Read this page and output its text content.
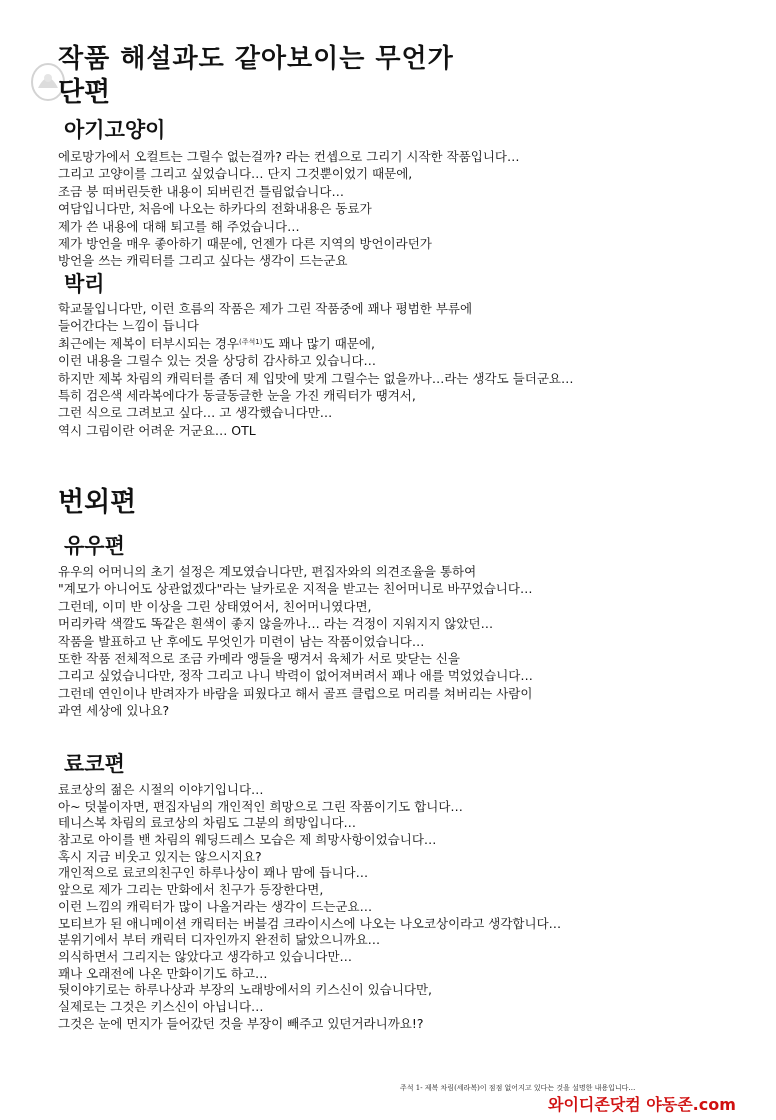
작품 해설과도 같아보이는 무언가
단편
아기고양이
에로망가에서 오컬트는 그릴수 없는걸까? 라는 컨셉으로 그리기 시작한 작품입니다…
그리고 고양이를 그리고 싶었습니다… 단지 그것뿐이었기 때문에,
조금 붕 떠버린듯한 내용이 되버린건 틀림없습니다…
여담입니다만, 처음에 나오는 하카다의 전화내용은 동료가
제가 쓴 내용에 대해 퇴고를 해 주었습니다…
제가 방언을 매우 좋아하기 때문에, 언젠가 다른 지역의 방언이라던가
방언을 쓰는 캐릭터를 그리고 싶다는 생각이 드는군요
박리
학교물입니다만, 이런 흐름의 작품은 제가 그린 작품중에 꽤나 평범한 부류에
들어간다는 느낌이 듭니다
최근에는 제복이 터부시되는 경우$^{(주석1)}$도 꽤나 많기 때문에,
이런 내용을 그릴수 있는 것을 상당히 감사하고 있습니다…
하지만 제복 차림의 캐릭터를 좀더 제 입맛에 맞게 그릴수는 없을까나…라는 생각도 들더군요…
특히 검은색 세라복에다가 동글동글한 눈을 가진 캐릭터가 땡겨서,
그런 식으로 그려보고 싶다… 고 생각했습니다만…
역시 그림이란 어려운 거군요… OTL
번외편
유우편
유우의 어머니의 초기 설정은 계모였습니다만, 편집자와의 의견조율을 통하여
"계모가 아니어도 상관없겠다"라는 날카로운 지적을 받고는 친어머니로 바꾸었습니다…
그런데, 이미 반 이상을 그린 상태였어서, 친어머니였다면,
머리카락 색깔도 똑같은 흰색이 좋지 않을까나… 라는 걱정이 지워지지 않았던…
작품을 발표하고 난 후에도 무엇인가 미련이 남는 작품이었습니다…
또한 작품 전체적으로 조금 카메라 앵들을 땡겨서 육체가 서로 맞닫는 신을
그리고 싶었습니다만, 정작 그리고 나니 박력이 없어져버려서 꽤나 애를 먹었었습니다…
그런데 연인이나 반려자가 바람을 피웠다고 해서 골프 클럽으로 머리를 쳐버리는 사람이
과연 세상에 있나요?
료코편
료코상의 젊은 시절의 이야기입니다…
아~ 덧붙이자면, 편집자님의 개인적인 희망으로 그린 작품이기도 합니다…
테니스복 차림의 료코상의 차림도 그분의 희망입니다…
참고로 아이를 밴 차림의 웨딩드레스 모습은 제 희망사항이었습니다…
혹시 지금 비웃고 있지는 않으시지요?
개인적으로 료코의친구인 하루나상이 꽤나 맘에 듭니다…
앞으로 제가 그리는 만화에서 친구가 등장한다면,
이런 느낌의 캐릭터가 많이 나올거라는 생각이 드는군요…
모티브가 된 애니메이션 캐릭터는 버블검 크라이시스에 나오는 나오코상이라고 생각합니다…
분위기에서 부터 캐릭터 디자인까지 완전히 닮았으니까요…
의식하면서 그리지는 않았다고 생각하고 있습니다만…
꽤나 오래전에 나온 만화이기도 하고…
뒷이야기로는 하루나상과 부장의 노래방에서의 키스신이 있습니다만,
실제로는 그것은 키스신이 아닙니다…
그것은 눈에 먼지가 들어갔던 것을 부장이 빼주고 있던거라니까요!?
주석 1- 제복 차림(세라복)이 점점 없어지고 있다는 것을 설명한 내용입니다…
와이디존닷컴 야동존.com
